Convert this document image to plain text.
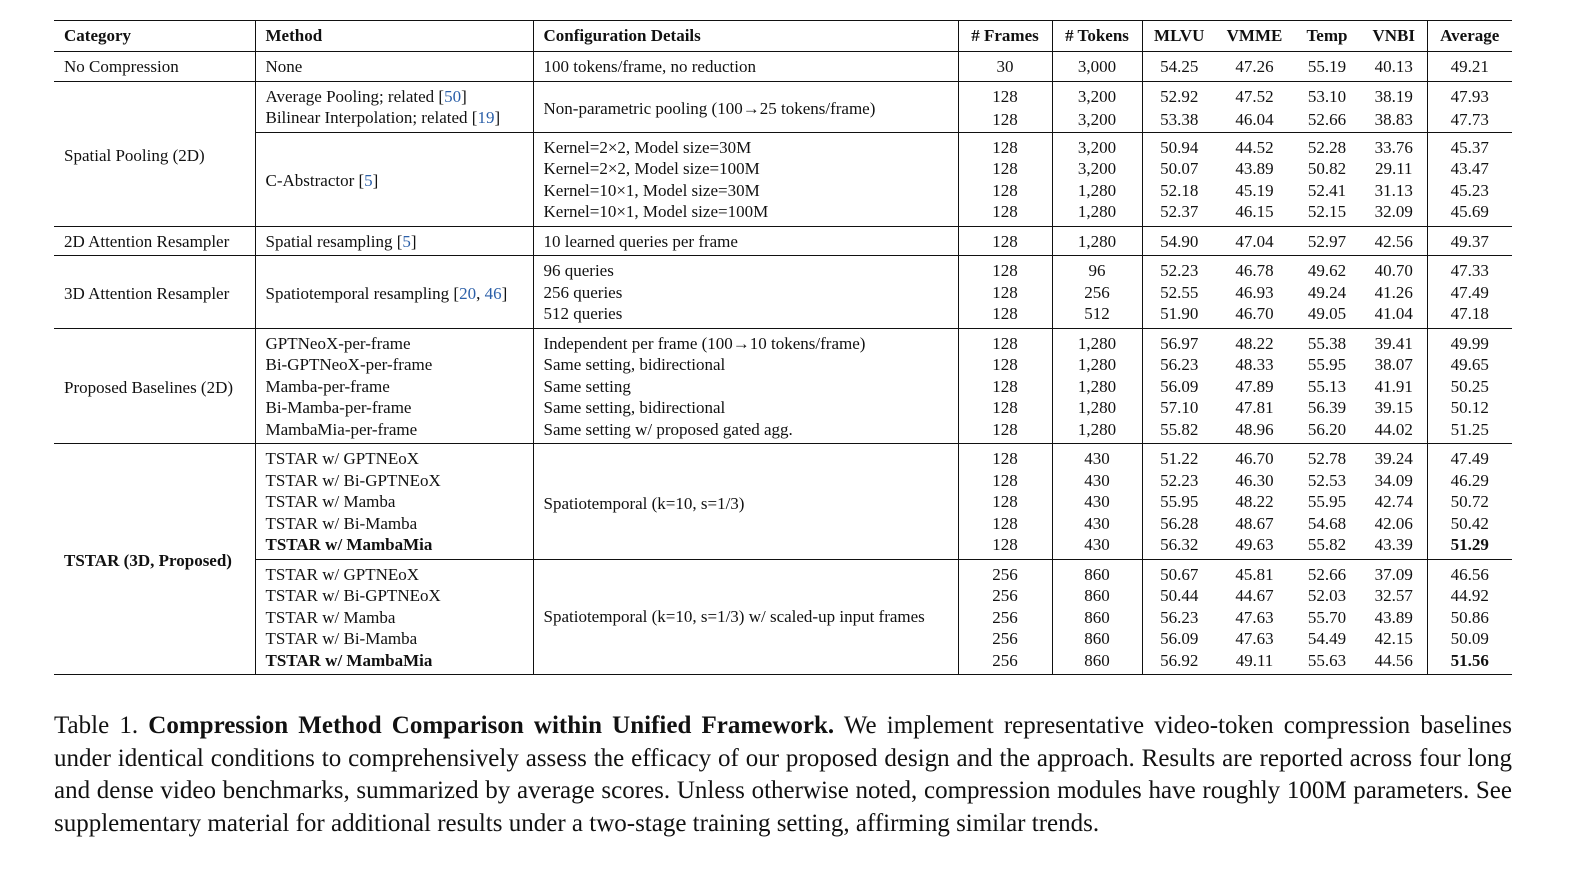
Category	Method	Configuration Details	# Frames	# Tokens	MLVU	VMME	Temp	VNBI	Average
No Compression	None	100 tokens/frame, no reduction	30	3,000	54.25	47.26	55.19	40.13	49.21
Spatial Pooling (2D)	Average Pooling; related [50]	Non-parametric pooling (100→25 tokens/frame)	128	3,200	52.92	47.52	53.10	38.19	47.93
	Bilinear Interpolation; related [19]		128	3,200	53.38	46.04	52.66	38.83	47.73
	C-Abstractor [5]	Kernel=2×2, Model size=30M	128	3,200	50.94	44.52	52.28	33.76	45.37
		Kernel=2×2, Model size=100M	128	3,200	50.07	43.89	50.82	29.11	43.47
		Kernel=10×1, Model size=30M	128	1,280	52.18	45.19	52.41	31.13	45.23
		Kernel=10×1, Model size=100M	128	1,280	52.37	46.15	52.15	32.09	45.69
2D Attention Resampler	Spatial resampling [5]	10 learned queries per frame	128	1,280	54.90	47.04	52.97	42.56	49.37
3D Attention Resampler	Spatiotemporal resampling [20, 46]	96 queries	128	96	52.23	46.78	49.62	40.70	47.33
		256 queries	128	256	52.55	46.93	49.24	41.26	47.49
		512 queries	128	512	51.90	46.70	49.05	41.04	47.18
Proposed Baselines (2D)	GPTNeoX-per-frame	Independent per frame (100→10 tokens/frame)	128	1,280	56.97	48.22	55.38	39.41	49.99
	Bi-GPTNeoX-per-frame	Same setting, bidirectional	128	1,280	56.23	48.33	55.95	38.07	49.65
	Mamba-per-frame	Same setting	128	1,280	56.09	47.89	55.13	41.91	50.25
	Bi-Mamba-per-frame	Same setting, bidirectional	128	1,280	57.10	47.81	56.39	39.15	50.12
	MambaMia-per-frame	Same setting w/ proposed gated agg.	128	1,280	55.82	48.96	56.20	44.02	51.25
TSTAR (3D, Proposed)	TSTAR w/ GPTNEoX	Spatiotemporal (k=10, s=1/3)	128	430	51.22	46.70	52.78	39.24	47.49
	TSTAR w/ Bi-GPTNEoX		128	430	52.23	46.30	52.53	34.09	46.29
	TSTAR w/ Mamba		128	430	55.95	48.22	55.95	42.74	50.72
	TSTAR w/ Bi-Mamba		128	430	56.28	48.67	54.68	42.06	50.42
	TSTAR w/ MambaMia		128	430	56.32	49.63	55.82	43.39	51.29
	TSTAR w/ GPTNEoX	Spatiotemporal (k=10, s=1/3) w/ scaled-up input frames	256	860	50.67	45.81	52.66	37.09	46.56
	TSTAR w/ Bi-GPTNEoX		256	860	50.44	44.67	52.03	32.57	44.92
	TSTAR w/ Mamba		256	860	56.23	47.63	55.70	43.89	50.86
	TSTAR w/ Bi-Mamba		256	860	56.09	47.63	54.49	42.15	50.09
	TSTAR w/ MambaMia		256	860	56.92	49.11	55.63	44.56	51.56
Table 1. Compression Method Comparison within Unified Framework. We implement representative video-token compression baselines under identical conditions to comprehensively assess the efficacy of our proposed design and the approach. Results are reported across four long and dense video benchmarks, summarized by average scores. Unless otherwise noted, compression modules have roughly 100M parameters. See supplementary material for additional results under a two-stage training setting, affirming similar trends.
